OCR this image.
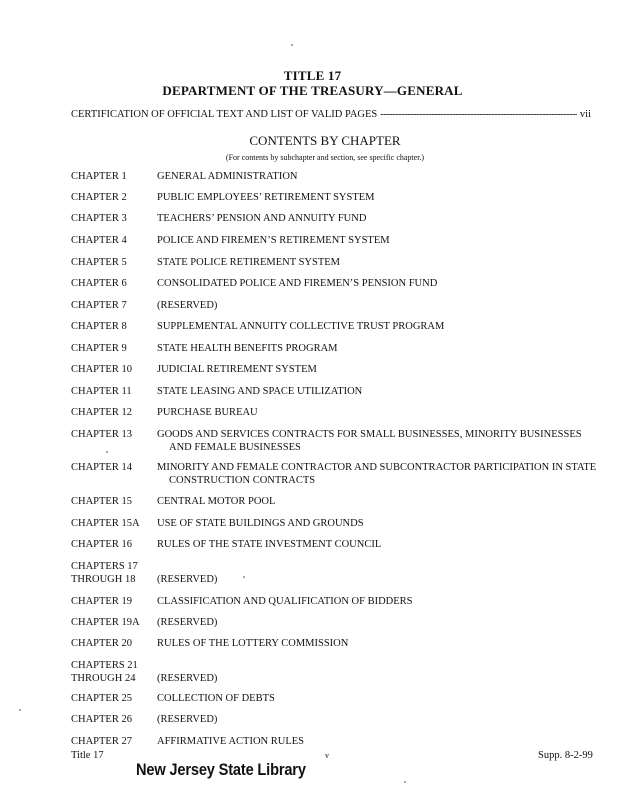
TITLE 17
DEPARTMENT OF THE TREASURY—GENERAL
CERTIFICATION OF OFFICIAL TEXT AND LIST OF VALID PAGES
-----	vii
CONTENTS BY CHAPTER
(For contents by subchapter and section, see specific chapter.)
CHAPTER 1	GENERAL ADMINISTRATION
CHAPTER 2	PUBLIC EMPLOYEES’ RETIREMENT SYSTEM
CHAPTER 3	TEACHERS’ PENSION AND ANNUITY FUND
CHAPTER 4	POLICE AND FIREMEN’S RETIREMENT SYSTEM
CHAPTER 5	STATE POLICE RETIREMENT SYSTEM
CHAPTER 6	CONSOLIDATED POLICE AND FIREMEN’S PENSION FUND
CHAPTER 7	(RESERVED)
CHAPTER 8	SUPPLEMENTAL ANNUITY COLLECTIVE TRUST PROGRAM
CHAPTER 9	STATE HEALTH BENEFITS PROGRAM
CHAPTER 10	JUDICIAL RETIREMENT SYSTEM
CHAPTER 11	STATE LEASING AND SPACE UTILIZATION
CHAPTER 12	PURCHASE BUREAU
CHAPTER 13	GOODS AND SERVICES CONTRACTS FOR SMALL BUSINESSES, MINORITY BUSINESSES
AND FEMALE BUSINESSES
CHAPTER 14	MINORITY AND FEMALE CONTRACTOR AND SUBCONTRACTOR PARTICIPATION IN STATE
CONSTRUCTION CONTRACTS
CHAPTER 15	CENTRAL MOTOR POOL
CHAPTER 15A	USE OF STATE BUILDINGS AND GROUNDS
CHAPTER 16	RULES OF THE STATE INVESTMENT COUNCIL
CHAPTERS 17
THROUGH 18	(RESERVED)
CHAPTER 19	CLASSIFICATION AND QUALIFICATION OF BIDDERS
CHAPTER 19A	(RESERVED)
CHAPTER 20	RULES OF THE LOTTERY COMMISSION
CHAPTERS 21
THROUGH 24	(RESERVED)
CHAPTER 25	COLLECTION OF DEBTS
CHAPTER 26	(RESERVED)
CHAPTER 27	AFFIRMATIVE ACTION RULES
Title 17	v	Supp. 8-2-99
New Jersey State Library
